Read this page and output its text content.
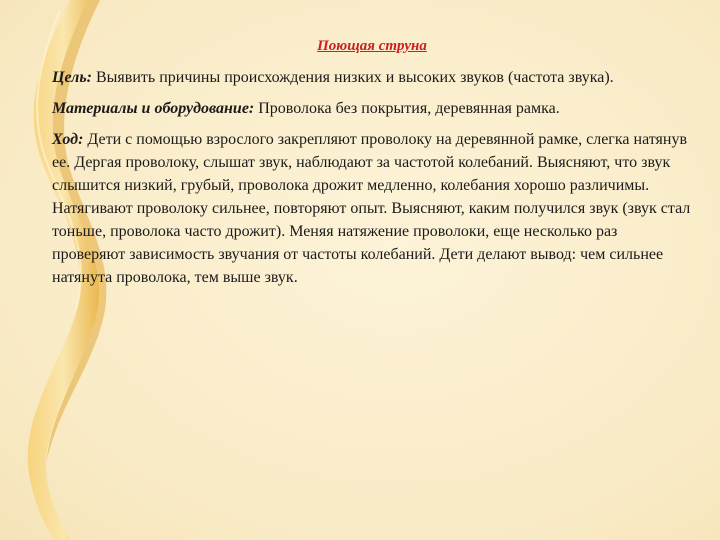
Поющая струна

Цель: Выявить причины происхождения низких и высоких звуков (частота звука).

Материалы и оборудование: Проволока без покрытия, деревянная рамка.

Ход: Дети с помощью взрослого закрепляют проволоку на деревянной рамке, слегка натянув ее. Дергая проволоку, слышат звук, наблюдают за частотой колебаний. Выясняют, что звук слышится низкий, грубый, проволока дрожит медленно, колебания хорошо различимы. Натягивают проволоку сильнее, повторяют опыт. Выясняют, каким получился звук (звук стал тоньше, проволока часто дрожит). Меняя натяжение проволоки, еще несколько раз проверяют зависимость звучания от частоты колебаний. Дети делают вывод: чем сильнее натянута проволока, тем выше звук.
